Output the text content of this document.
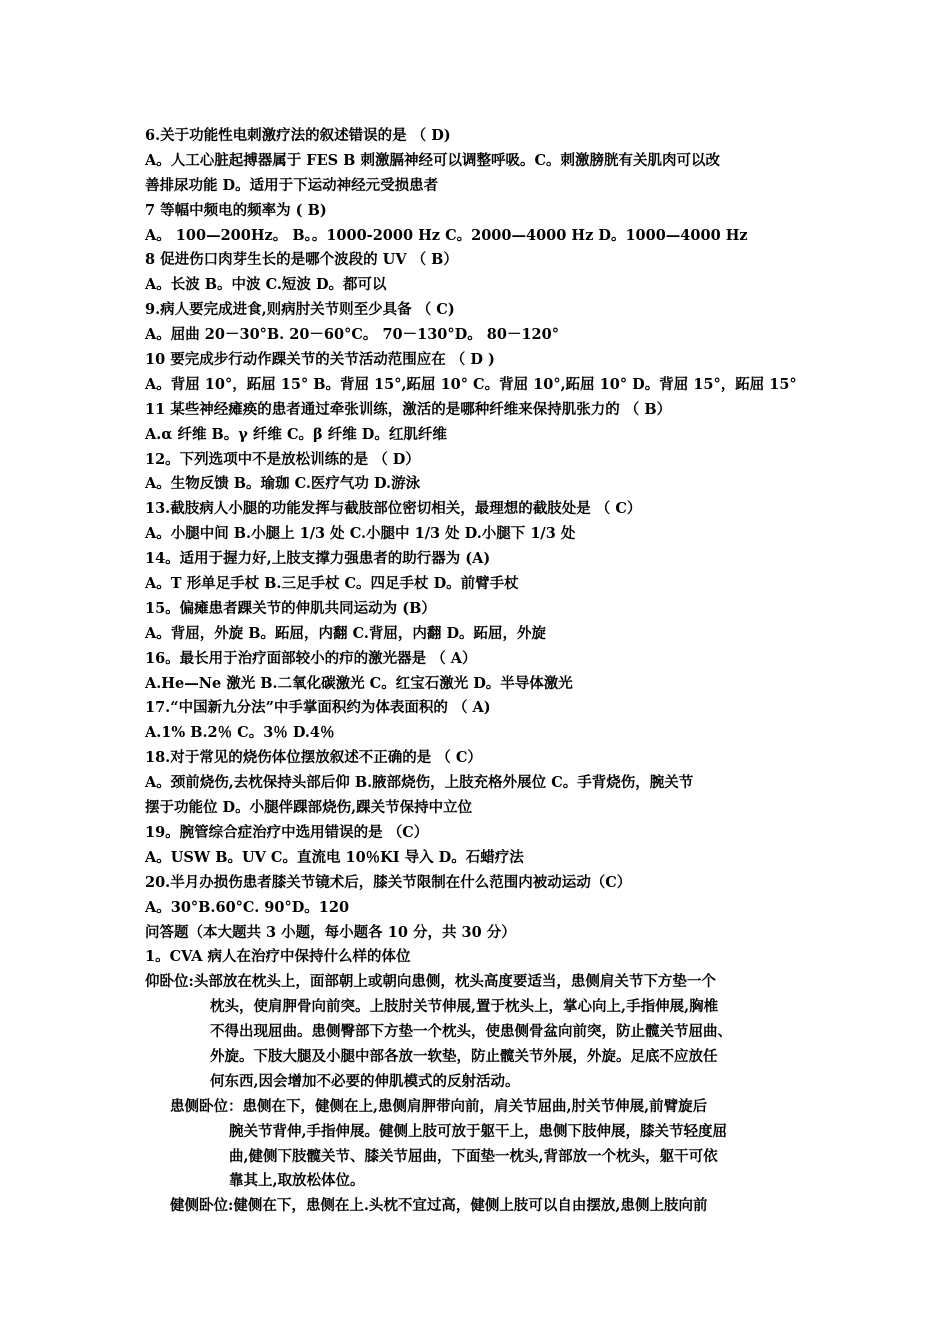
6.关于功能性电刺激疗法的叙述错误的是 （ D)
A。人工心脏起搏器属于 FES B 刺激膈神经可以调整呼吸。C。刺激膀胱有关肌肉可以改
善排尿功能 D。适用于下运动神经元受损患者
7 等幅中频电的频率为 ( B)
A。 100—200Hz。 B。。1000-2000 Hz C。2000—4000 Hz D。1000—4000 Hz
8 促进伤口肉芽生长的是哪个波段的 UV （ B）
A。长波 B。中波 C.短波 D。都可以
9.病人要完成进食,则病肘关节则至少具备 （ C)
A。屈曲 20－30°B. 20－60°C。 70－130°D。 80－120°
10 要完成步行动作踝关节的关节活动范围应在 （ D )
A。背屈 10°，跖屈 15° B。背屈 15°,跖屈 10° C。背屈 10°,跖屈 10° D。背屈 15°，跖屈 15°
11 某些神经瘫痪的患者通过牵张训练，激活的是哪种纤维来保持肌张力的 （ B）
A.α 纤维 B。γ 纤维 C。β 纤维 D。红肌纤维
12。下列选项中不是放松训练的是 （ D）
A。生物反馈 B。瑜珈 C.医疗气功 D.游泳
13.截肢病人小腿的功能发挥与截肢部位密切相关，最理想的截肢处是 （ C）
A。小腿中间 B.小腿上 1/3 处 C.小腿中 1/3 处 D.小腿下 1/3 处
14。适用于握力好,上肢支撑力强患者的助行器为 (A)
A。T 形单足手杖 B.三足手杖 C。四足手杖 D。前臂手杖
15。偏瘫患者踝关节的伸肌共同运动为 (B）
A。背屈，外旋 B。跖屈，内翻 C.背屈，内翻 D。跖屈，外旋
16。最长用于治疗面部较小的疖的激光器是 （ A）
A.He—Ne 激光 B.二氧化碳激光 C。红宝石激光 D。半导体激光
17.“中国新九分法”中手掌面积约为体表面积的 （ A)
A.1% B.2％ C。3％ D.4％
18.对于常见的烧伤体位摆放叙述不正确的是 （ C）
A。颈前烧伤,去枕保持头部后仰 B.腋部烧伤，上肢充格外展位 C。手背烧伤，腕关节
摆于功能位 D。小腿伴踝部烧伤,踝关节保持中立位
19。腕管综合症治疗中选用错误的是 （C）
A。USW B。UV C。直流电 10％KI 导入 D。石蜡疗法
20.半月办损伤患者膝关节镜术后，膝关节限制在什么范围内被动运动（C）
A。30°B.60°C. 90°D。120
问答题（本大题共 3 小题，每小题各 10 分，共 30 分）
1。CVA 病人在治疗中保持什么样的体位
仰卧位:头部放在枕头上，面部朝上或朝向患侧，枕头高度要适当，患侧肩关节下方垫一个
枕头，使肩胛骨向前突。上肢肘关节伸展,置于枕头上，掌心向上,手指伸展,胸椎
不得出现屈曲。患侧臀部下方垫一个枕头，使患侧骨盆向前突，防止髋关节屈曲、
外旋。下肢大腿及小腿中部各放一软垫，防止髋关节外展，外旋。足底不应放任
何东西,因会增加不必要的伸肌模式的反射活动。
患侧卧位：患侧在下，健侧在上,患侧肩胛带向前，肩关节屈曲,肘关节伸展,前臂旋后
腕关节背伸,手指伸展。健侧上肢可放于躯干上，患侧下肢伸展，膝关节轻度屈
曲,健侧下肢髋关节、膝关节屈曲，下面垫一枕头,背部放一个枕头，躯干可依
靠其上,取放松体位。
健侧卧位:健侧在下，患侧在上.头枕不宜过高，健侧上肢可以自由摆放,患侧上肢向前
